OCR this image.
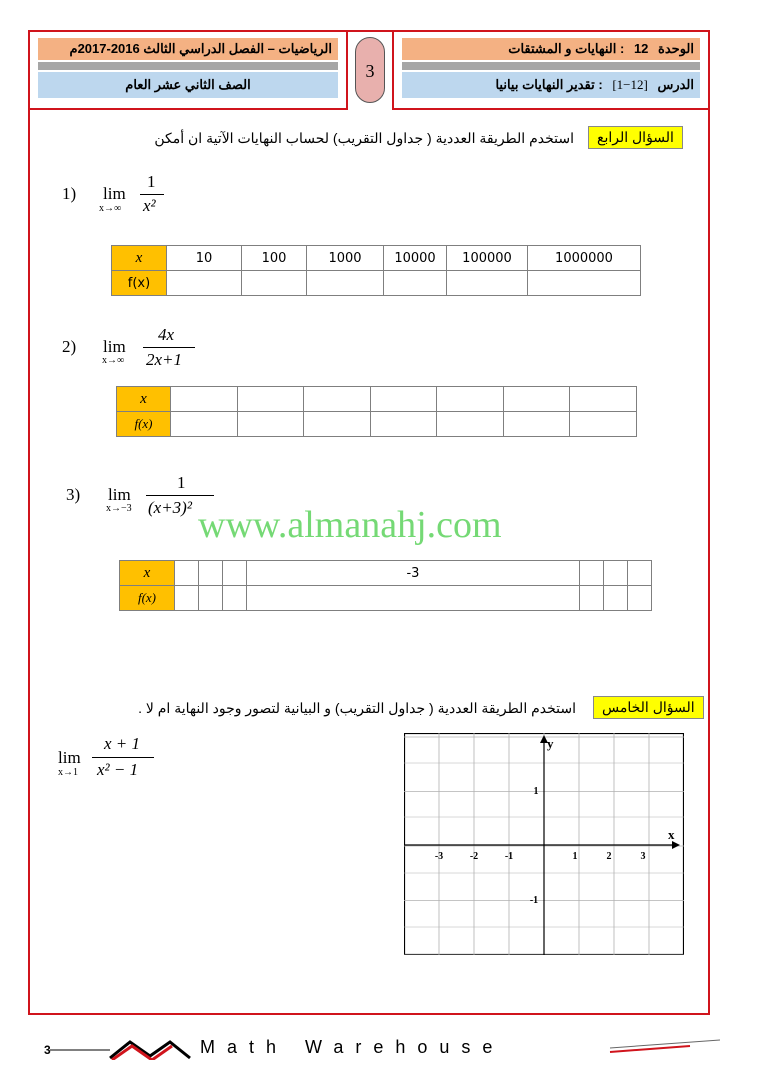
الرياضيات – الفصل الدراسي الثالث 2016-2017م
الصف الثاني عشر العام
3
الوحدة 12 : النهايات و المشتقات
الدرس [1−12] : تقدير النهايات بيانيا
السؤال الرابع
استخدم الطريقة العددية ( جداول التقريب) لحساب النهايات الآتية ان أمكن
1) lim
x→∞
1
x²
x	10	100	1000	10000	100000	1000000
f(x)						
2) lim
x→∞
4x
2x+1
x							
f(x)							
3) lim
x→−3
1
(x+3)² www.almanahj.com
x				-3			
f(x)							
السؤال الخامس
استخدم الطريقة العددية ( جداول التقريب) و البيانية لتصور وجود النهاية ام لا .
lim
x→1
x + 1
x² − 1
x
y
-3	-2	-1	1	2	3
1
-1
Math Warehouse
3
